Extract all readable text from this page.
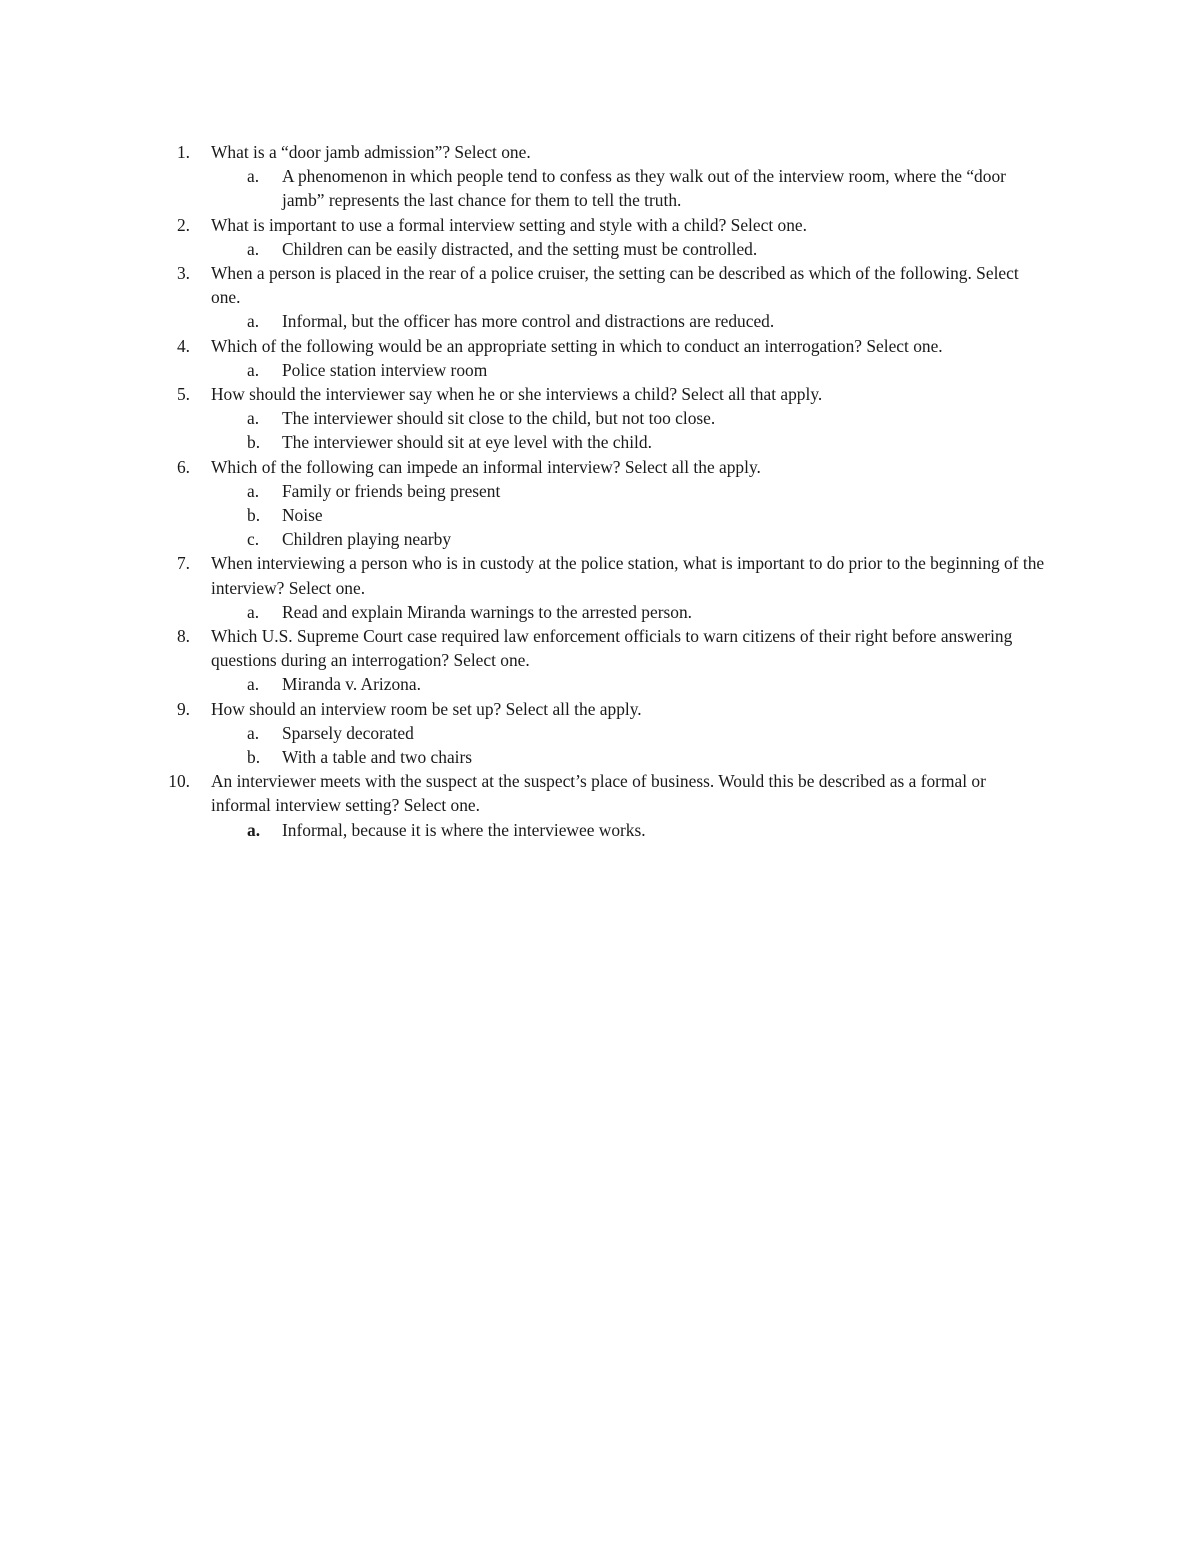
1. What is a “door jamb admission”? Select one.
a. A phenomenon in which people tend to confess as they walk out of the interview room, where the “door jamb” represents the last chance for them to tell the truth.
2. What is important to use a formal interview setting and style with a child? Select one.
a. Children can be easily distracted, and the setting must be controlled.
3. When a person is placed in the rear of a police cruiser, the setting can be described as which of the following. Select one.
a. Informal, but the officer has more control and distractions are reduced.
4. Which of the following would be an appropriate setting in which to conduct an interrogation? Select one.
a. Police station interview room
5. How should the interviewer say when he or she interviews a child? Select all that apply.
a. The interviewer should sit close to the child, but not too close.
b. The interviewer should sit at eye level with the child.
6. Which of the following can impede an informal interview? Select all the apply.
a. Family or friends being present
b. Noise
c. Children playing nearby
7. When interviewing a person who is in custody at the police station, what is important to do prior to the beginning of the interview? Select one.
a. Read and explain Miranda warnings to the arrested person.
8. Which U.S. Supreme Court case required law enforcement officials to warn citizens of their right before answering questions during an interrogation? Select one.
a. Miranda v. Arizona.
9. How should an interview room be set up? Select all the apply.
a. Sparsely decorated
b. With a table and two chairs
10. An interviewer meets with the suspect at the suspect’s place of business. Would this be described as a formal or informal interview setting? Select one.
a. Informal, because it is where the interviewee works.
